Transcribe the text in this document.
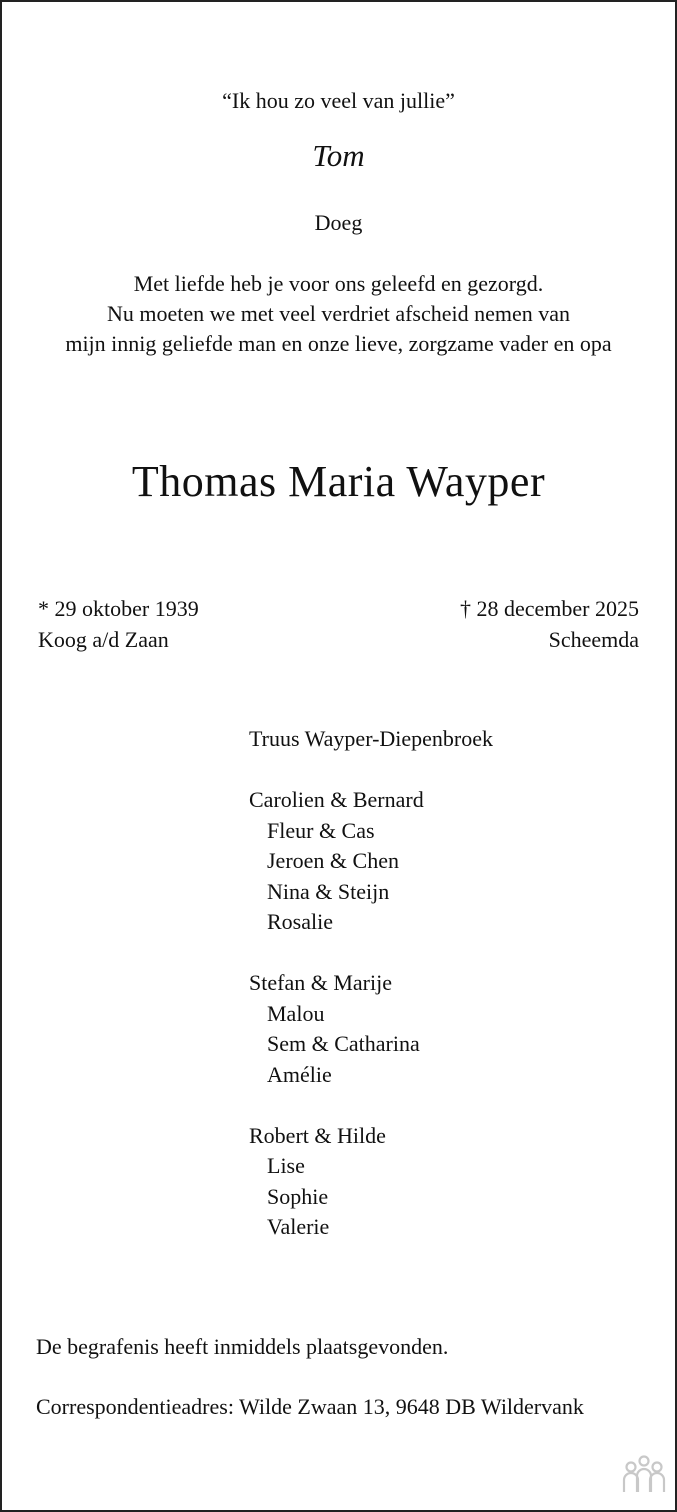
“Ik hou zo veel van jullie”
Tom
Doeg
Met liefde heb je voor ons geleefd en gezorgd.
Nu moeten we met veel verdriet afscheid nemen van
mijn innig geliefde man en onze lieve, zorgzame vader en opa
Thomas Maria Wayper
* 29 oktober 1939
Koog a/d Zaan
† 28 december 2025
Scheemda
Truus Wayper-Diepenbroek
Carolien & Bernard
Fleur & Cas
Jeroen & Chen
Nina & Steijn
Rosalie
Stefan & Marije
Malou
Sem & Catharina
Amélie
Robert & Hilde
Lise
Sophie
Valerie
De begrafenis heeft inmiddels plaatsgevonden.
Correspondentieadres: Wilde Zwaan 13, 9648 DB Wildervank
